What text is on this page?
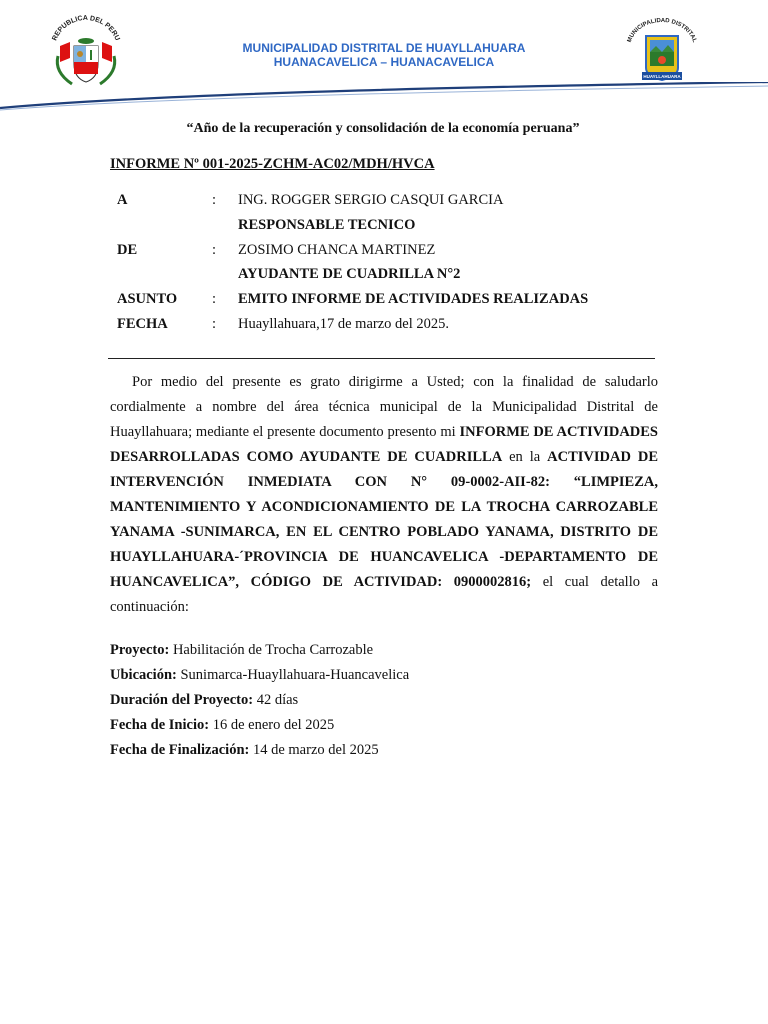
REPUBLICA DEL PERU
MUNICIPALIDAD DISTRITAL DE HUAYLLAHUARA
HUANACAVELICA – HUANACAVELICA
MUNICIPALIDAD DISTRITAL
HUAYLLAHUARA
“Año de la recuperación y consolidación de la economía peruana”
INFORME Nº 001-2025-ZCHM-AC02/MDH/HVCA
A	: ING. ROGGER SERGIO CASQUI GARCIA
RESPONSABLE TECNICO
DE	: ZOSIMO CHANCA MARTINEZ
AYUDANTE DE CUADRILLA N°2
ASUNTO	: EMITO INFORME DE ACTIVIDADES REALIZADAS
FECHA	: Huayllahuara,17 de marzo del 2025.

Por medio del presente es grato dirigirme a Usted; con la finalidad de saludarlo cordialmente a nombre del área técnica municipal de la Municipalidad Distrital de Huayllahuara; mediante el presente documento presento mi INFORME DE ACTIVIDADES DESARROLLADAS COMO AYUDANTE DE CUADRILLA en la ACTIVIDAD DE INTERVENCIÓN INMEDIATA CON N° 09-0002-AII-82: “LIMPIEZA, MANTENIMIENTO Y ACONDICIONAMIENTO DE LA TROCHA CARROZABLE YANAMA -SUNIMARCA, EN EL CENTRO POBLADO YANAMA, DISTRITO DE HUAYLLAHUARA-´PROVINCIA DE HUANCAVELICA -DEPARTAMENTO DE HUANCAVELICA”, CÓDIGO DE ACTIVIDAD: 0900002816; el cual detallo a continuación:

Proyecto: Habilitación de Trocha Carrozable
Ubicación: Sunimarca-Huayllahuara-Huancavelica
Duración del Proyecto: 42 días
Fecha de Inicio: 16 de enero del 2025
Fecha de Finalización: 14 de marzo del 2025
